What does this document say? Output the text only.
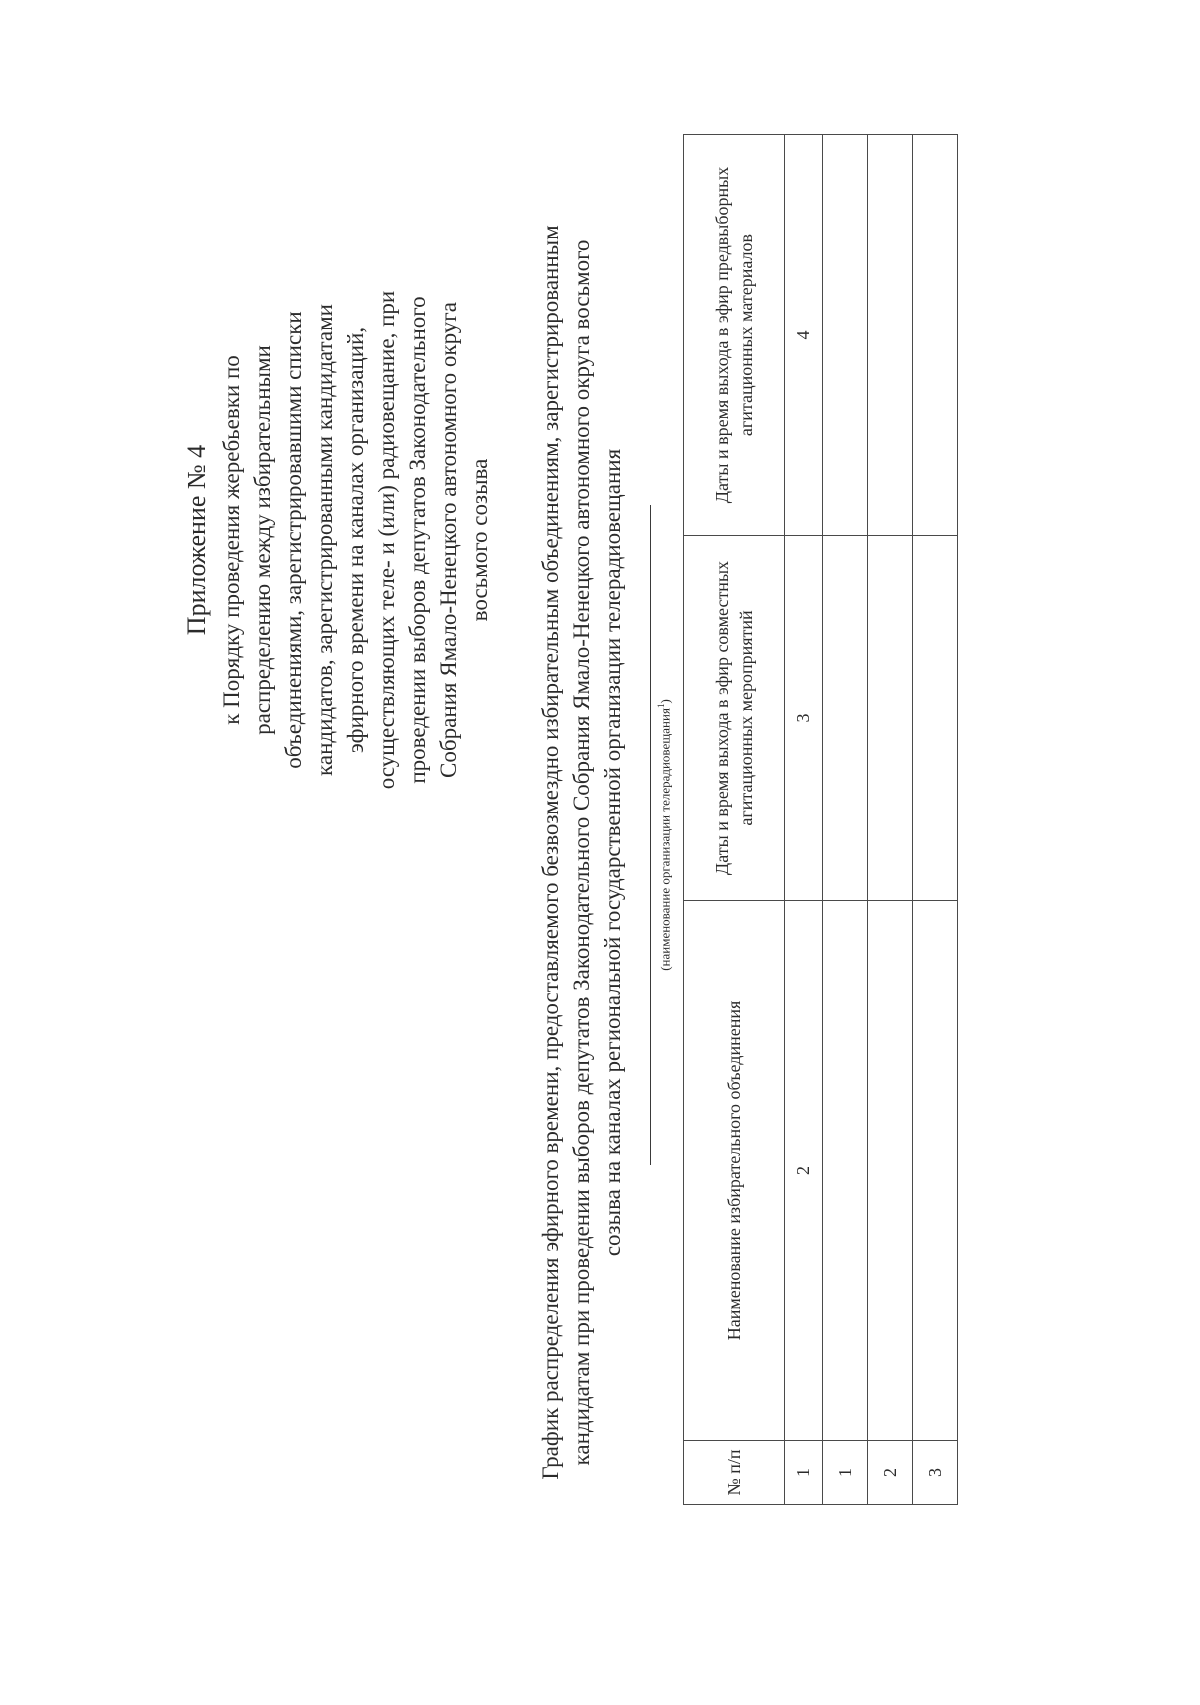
Приложение № 4 к Порядку проведения жеребьевки по распределению между избирательными объединениями, зарегистрировавшими списки кандидатов, зарегистрированными кандидатами эфирного времени на каналах организаций, осуществляющих теле- и (или) радиовещание, при проведении выборов депутатов Законодательного Собрания Ямало-Ненецкого автономного округа восьмого созыва График распределения эфирного времени, предоставляемого безвозмездно избирательным объединениям, зарегистрированным кандидатам при проведении выборов депутатов Законодательного Собрания Ямало-Ненецкого автономного округа восьмого созыва на каналах региональной государственной организации телерадиовещания	(наименование организации телерадиовещания$^1$)
№ п/п	Наименование избирательного объединения	Даты и время выхода в эфир совместных агитационных мероприятий	Даты и время выхода в эфир предвыборных агитационных материалов
1	2	3	4
1			
2			
3			
